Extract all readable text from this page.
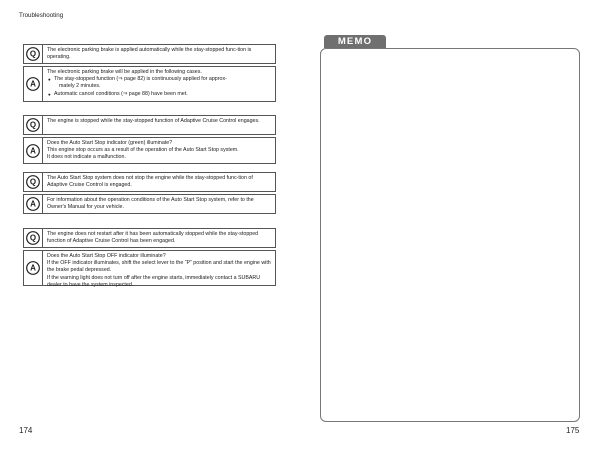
Troubleshooting
Q	The electronic parking brake is applied automatically while the stay-stopped func-tion is operating.
A
The electronic parking brake will be applied in the following cases.
● The stay-stopped function (⇒ page 82) is continuously applied for approx-
mately 2 minutes.
● Automatic cancel conditions (⇒ page 88) have been met.
Q	The engine is stopped while the stay-stopped function of Adaptive Cruise Control engages.
A
Does the Auto Start Stop indicator (green) illuminate?
This engine stop occurs as a result of the operation of the Auto Start Stop system.
It does not indicate a malfunction.
Q	The Auto Start Stop system does not stop the engine while the stay-stopped func-tion of Adaptive Cruise Control is engaged.
A	For information about the operation conditions of the Auto Start Stop system, refer to the Owner's Manual for your vehicle.
Q	The engine does not restart after it has been automatically stopped while the stay-stopped function of Adaptive Cruise Control has been engaged.
A
Does the Auto Start Stop OFF indicator illuminate?
If the OFF indicator illuminates, shift the select lever to the “P” position and start the engine with the brake pedal depressed.
If the warning light does not turn off after the engine starts, immediately contact a SUBARU dealer to have the system inspected.
MEMO
174	175
